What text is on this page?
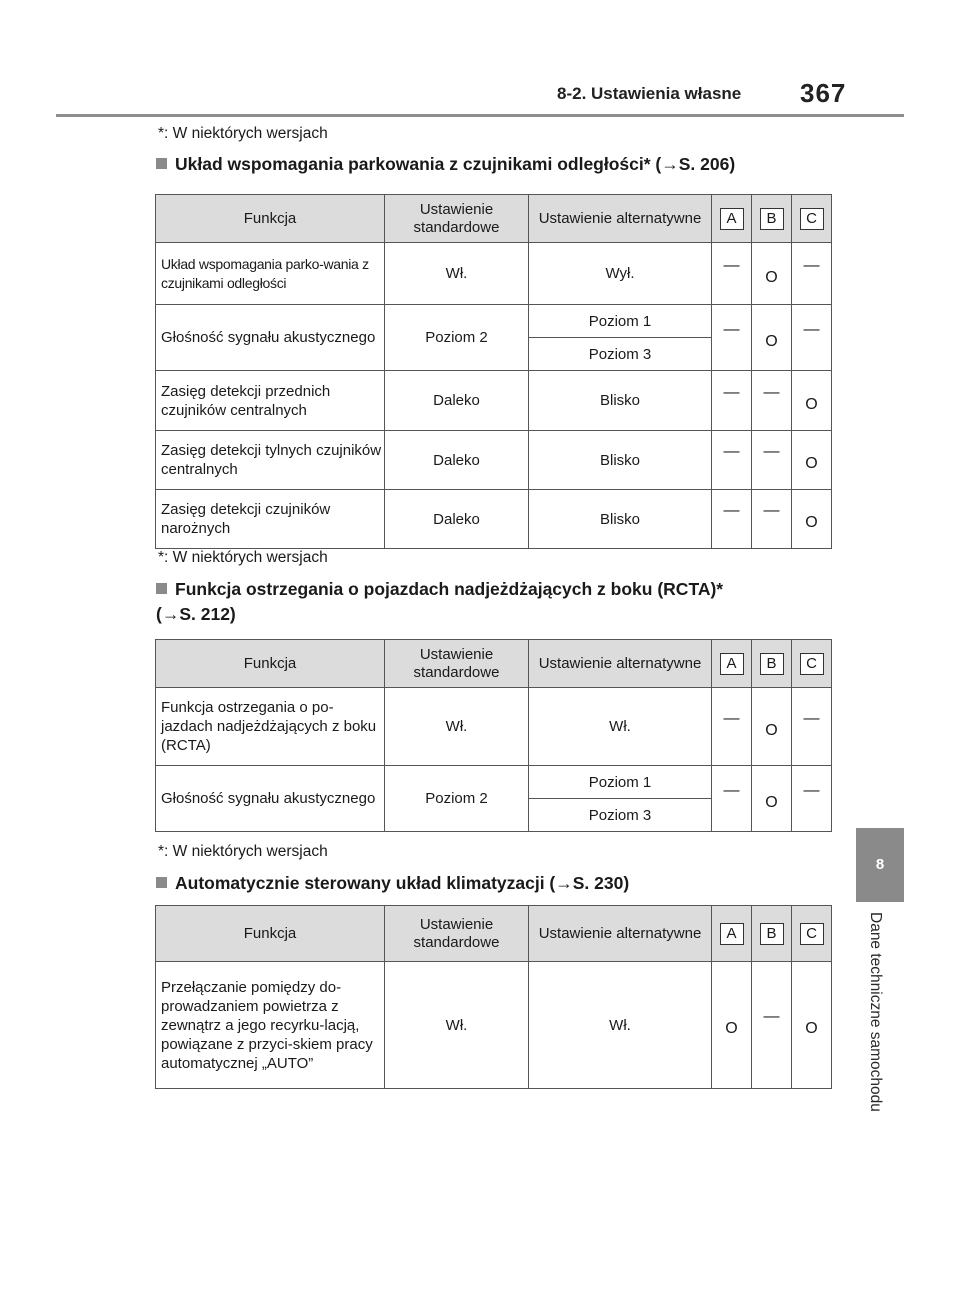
8-2. Ustawienia własne 367
8
Dane techniczne samochodu
*: W niektórych wersjach
Układ wspomagania parkowania z czujnikami odległości* (→S. 206)
Funkcja	Ustawienie standardowe	Ustawienie alternatywne	A	B	C
Układ wspomagania parko-wania z czujnikami odległości	Wł.	Wył.	—	O	—
Głośność sygnału akustycznego	Poziom 2	Poziom 1	—	O	—
		Poziom 3			
Zasięg detekcji przednich czujników centralnych	Daleko	Blisko	—	—	O
Zasięg detekcji tylnych czujników centralnych	Daleko	Blisko	—	—	O
Zasięg detekcji czujników narożnych	Daleko	Blisko	—	—	O
*: W niektórych wersjach
Funkcja ostrzegania o pojazdach nadjeżdżających z boku (RCTA)*
(→S. 212)
Funkcja	Ustawienie standardowe	Ustawienie alternatywne	A	B	C
Funkcja ostrzegania o po-jazdach nadjeżdżających z boku (RCTA)	Wł.	Wł.	—	O	—
Głośność sygnału akustycznego	Poziom 2	Poziom 1	—	O	—
		Poziom 3			
*: W niektórych wersjach
Automatycznie sterowany układ klimatyzacji (→S. 230)
Funkcja	Ustawienie standardowe	Ustawienie alternatywne	A	B	C
Przełączanie pomiędzy do-prowadzaniem powietrza z zewnątrz a jego recyrku-lacją, powiązane z przyci-skiem pracy automatycznej „AUTO”	Wł.	Wł.	O	—	O
